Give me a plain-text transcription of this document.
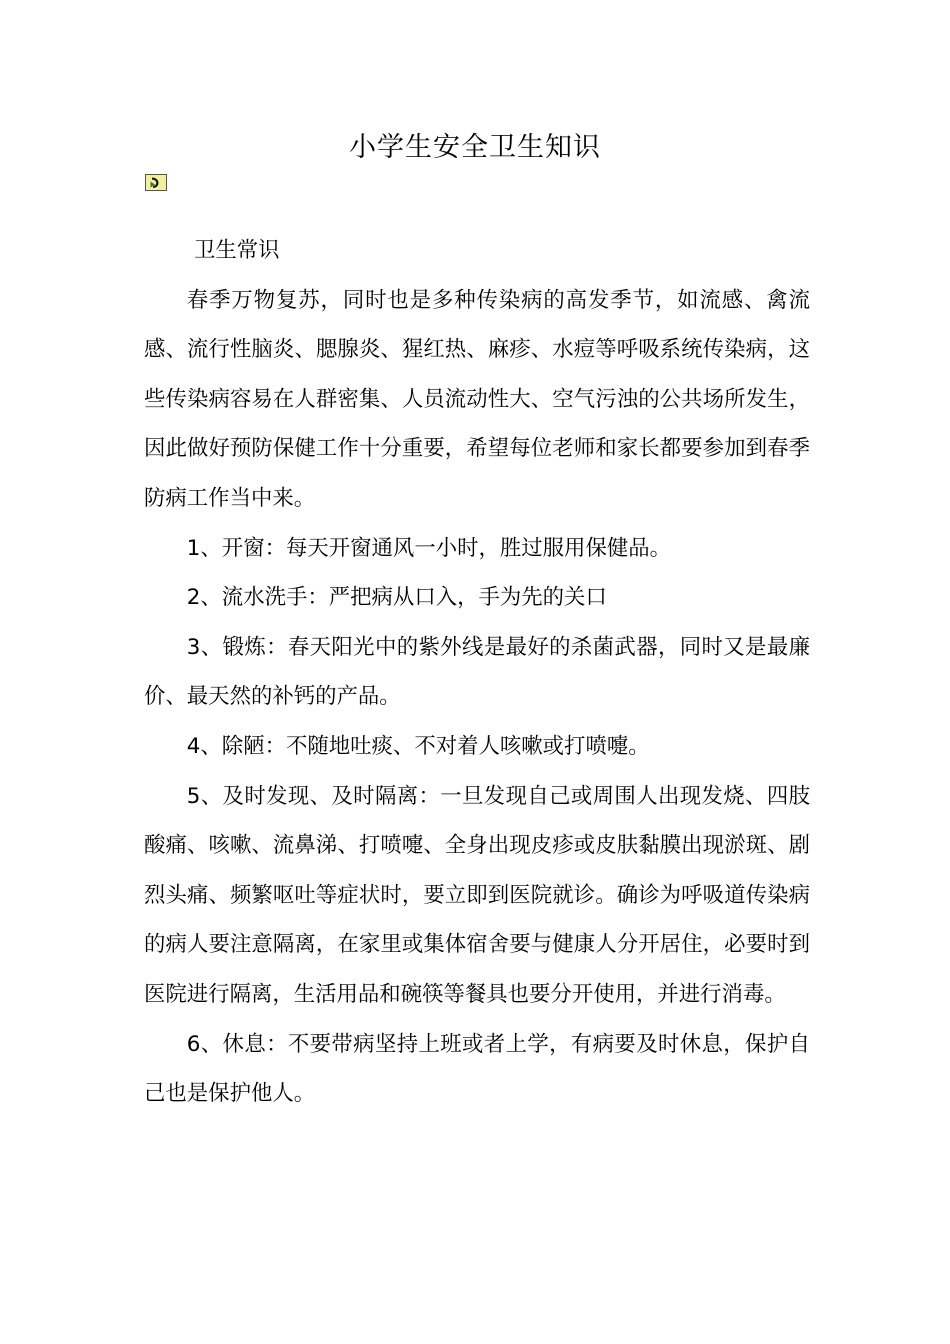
小学生安全卫生知识
卫生常识

春季万物复苏，同时也是多种传染病的高发季节，如流感、禽流感、流行性脑炎、腮腺炎、猩红热、麻疹、水痘等呼吸系统传染病，这些传染病容易在人群密集、人员流动性大、空气污浊的公共场所发生，因此做好预防保健工作十分重要，希望每位老师和家长都要参加到春季防病工作当中来。

1、开窗：每天开窗通风一小时，胜过服用保健品。

2、流水洗手：严把病从口入，手为先的关口

3、锻炼：春天阳光中的紫外线是最好的杀菌武器，同时又是最廉价、最天然的补钙的产品。

4、除陋：不随地吐痰、不对着人咳嗽或打喷嚏。

5、及时发现、及时隔离：一旦发现自己或周围人出现发烧、四肢酸痛、咳嗽、流鼻涕、打喷嚏、全身出现皮疹或皮肤黏膜出现淤斑、剧烈头痛、频繁呕吐等症状时，要立即到医院就诊。确诊为呼吸道传染病的病人要注意隔离，在家里或集体宿舍要与健康人分开居住，必要时到医院进行隔离，生活用品和碗筷等餐具也要分开使用，并进行消毒。

6、休息：不要带病坚持上班或者上学，有病要及时休息，保护自己也是保护他人。
